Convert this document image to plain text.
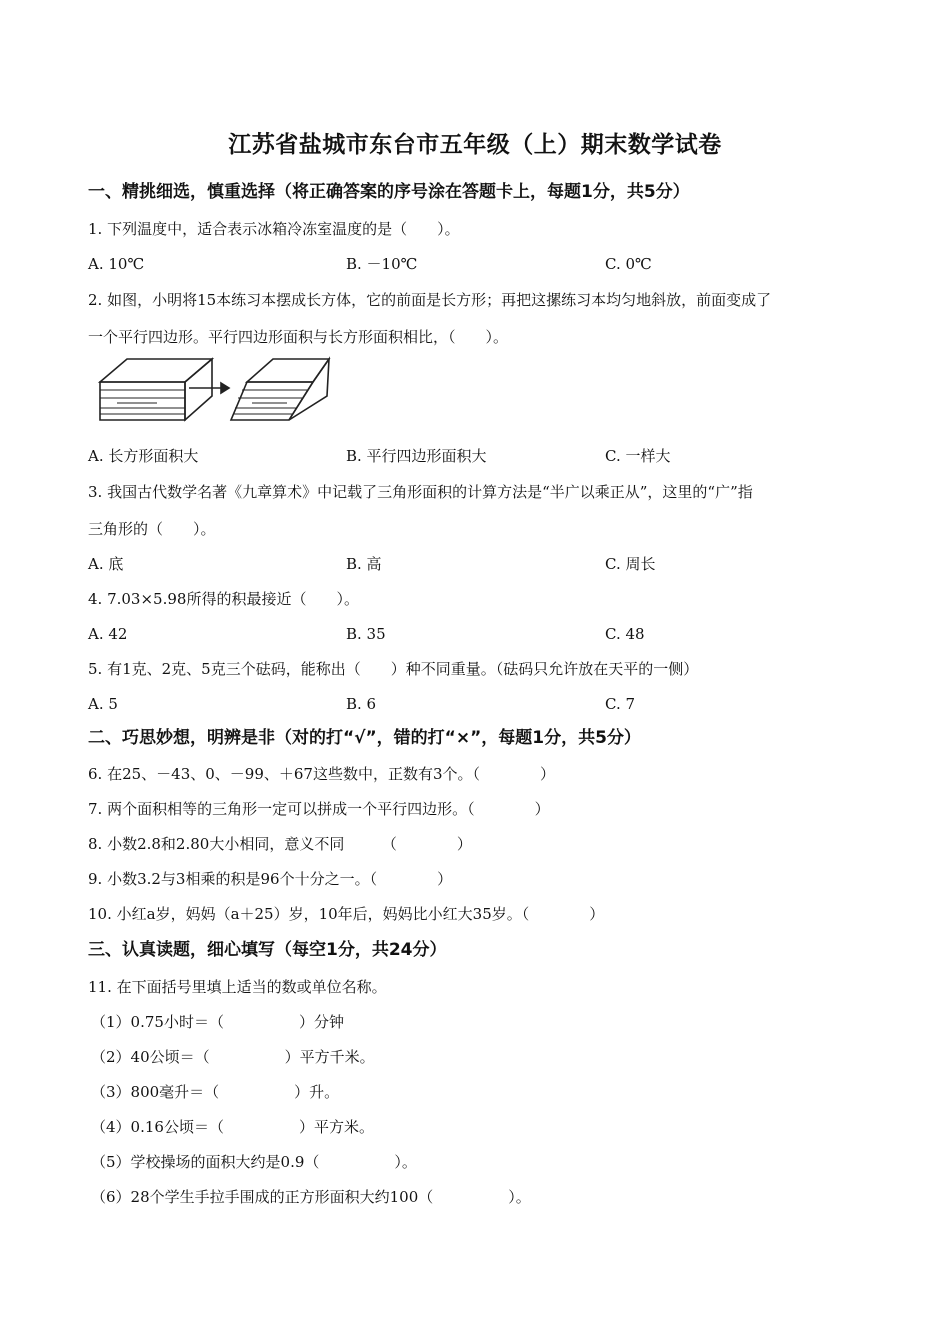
江苏省盐城市东台市五年级（上）期末数学试卷
一、精挑细选，慎重选择（将正确答案的序号涂在答题卡上，每题1分，共5分）
1. 下列温度中，适合表示冰箱冷冻室温度的是（　　）。
A. 10℃	B. －10℃	C. 0℃
2. 如图，小明将15本练习本摆成长方体，它的前面是长方形；再把这摞练习本均匀地斜放，前面变成了
一个平行四边形。平行四边形面积与长方形面积相比，（　　）。
A. 长方形面积大	B. 平行四边形面积大	C. 一样大
3. 我国古代数学名著《九章算术》中记载了三角形面积的计算方法是“半广以乘正从”，这里的“广”指
三角形的（　　）。
A. 底	B. 高	C. 周长
4. 7.03×5.98所得的积最接近（　　）。
A. 42	B. 35	C. 48
5. 有1克、2克、5克三个砝码，能称出（　　）种不同重量。（砝码只允许放在天平的一侧）
A. 5	B. 6	C. 7
二、巧思妙想，明辨是非（对的打“√”，错的打“×”，每题1分，共5分）
6. 在25、－43、0、－99、＋67这些数中，正数有3个。（　　　　）
7. 两个面积相等的三角形一定可以拼成一个平行四边形。（　　　　）
8. 小数2.8和2.80大小相同，意义不同　　　（　　　　）
9. 小数3.2与3相乘的积是96个十分之一。（　　　　）
10. 小红a岁，妈妈（a＋25）岁，10年后，妈妈比小红大35岁。（　　　　）
三、认真读题，细心填写（每空1分，共24分）
11. 在下面括号里填上适当的数或单位名称。
（1）0.75小时＝（　　　　　）分钟
（2）40公顷＝（　　　　　）平方千米。
（3）800毫升＝（　　　　　）升。
（4）0.16公顷＝（　　　　　）平方米。
（5）学校操场的面积大约是0.9（　　　　　）。
（6）28个学生手拉手围成的正方形面积大约100（　　　　　）。
